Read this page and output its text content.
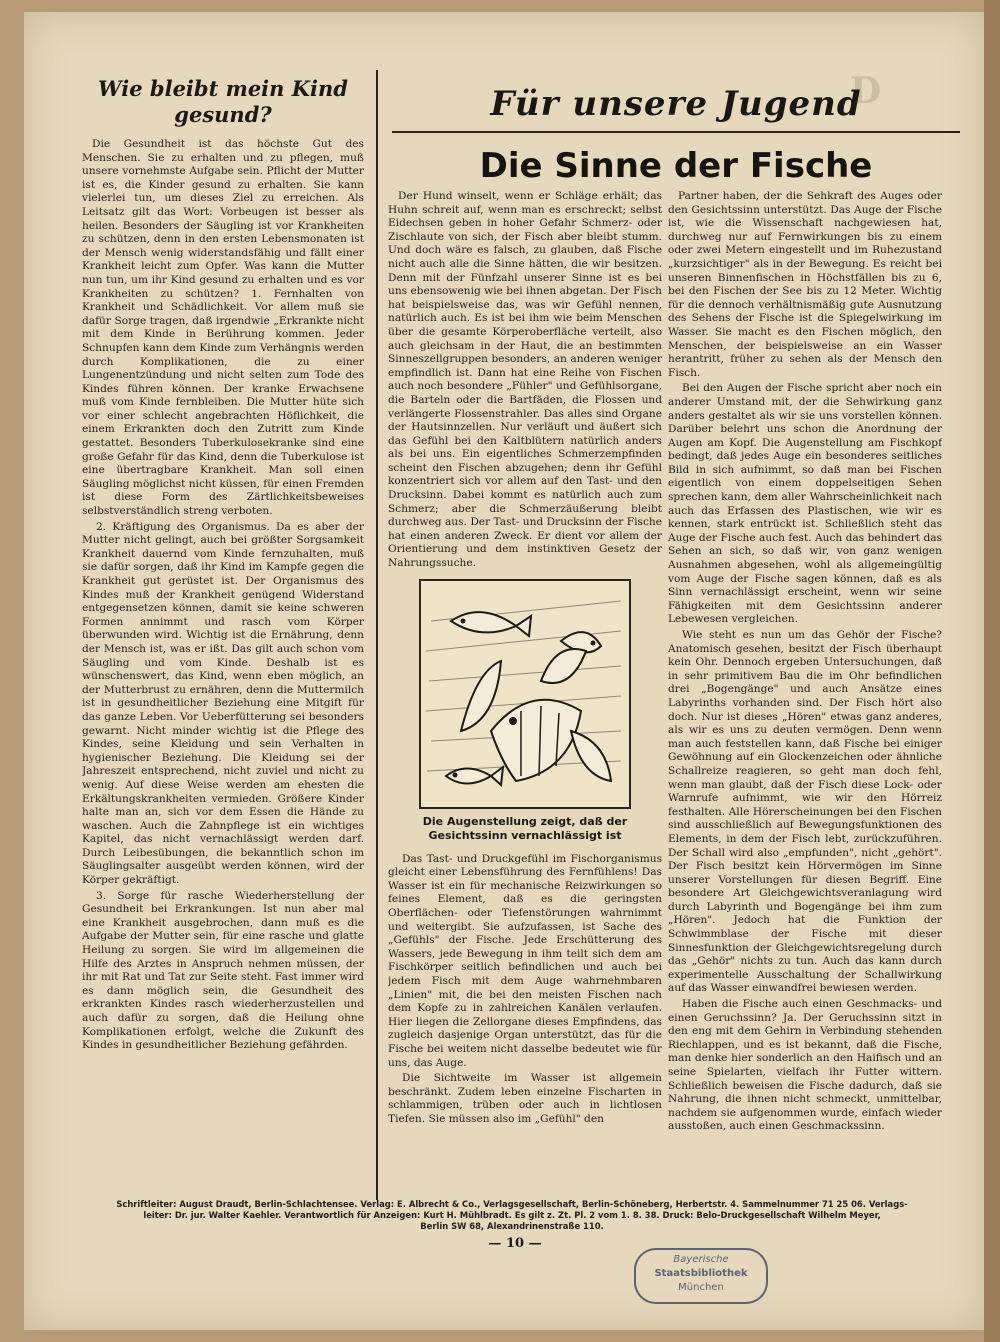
Wie bleibt mein Kind
gesund?

Die Gesundheit ist das höchste Gut des Menschen. Sie zu erhalten und zu pflegen, muß unsere vornehmste Aufgabe sein. Pflicht der Mutter ist es, die Kinder gesund zu erhalten. Sie kann vielerlei tun, um dieses Ziel zu erreichen. Als Leitsatz gilt das Wort: Vorbeugen ist besser als heilen. Besonders der Säugling ist vor Krankheiten zu schützen, denn in den ersten Lebensmonaten ist der Mensch wenig widerstandsfähig und fällt einer Krankheit leicht zum Opfer. Was kann die Mutter nun tun, um ihr Kind gesund zu erhalten und es vor Krankheiten zu schützen? 1. Fernhalten von Krankheit und Schädlichkeit. Vor allem muß sie dafür Sorge tragen, daß irgendwie „Erkrankte nicht mit dem Kinde in Berührung kommen. Jeder Schnupfen kann dem Kinde zum Verhängnis werden durch Komplikationen, die zu einer Lungenentzündung und nicht selten zum Tode des Kindes führen können. Der kranke Erwachsene muß vom Kinde fernbleiben. Die Mutter hüte sich vor einer schlecht angebrachten Höflichkeit, die einem Erkrankten doch den Zutritt zum Kinde gestattet. Besonders Tuberkulosekranke sind eine große Gefahr für das Kind, denn die Tuberkulose ist eine übertragbare Krankheit. Man soll einen Säugling möglichst nicht küssen, für einen Fremden ist diese Form des Zärtlichkeitsbeweises selbstverständlich streng verboten.

2. Kräftigung des Organismus. Da es aber der Mutter nicht gelingt, auch bei größter Sorgsamkeit Krankheit dauernd vom Kinde fernzuhalten, muß sie dafür sorgen, daß ihr Kind im Kampfe gegen die Krankheit gut gerüstet ist. Der Organismus des Kindes muß der Krankheit genügend Widerstand entgegensetzen können, damit sie keine schweren Formen annimmt und rasch vom Körper überwunden wird. Wichtig ist die Ernährung, denn der Mensch ist, was er ißt. Das gilt auch schon vom Säugling und vom Kinde. Deshalb ist es wünschenswert, das Kind, wenn eben möglich, an der Mutterbrust zu ernähren, denn die Muttermilch ist in gesundheitlicher Beziehung eine Mitgift für das ganze Leben. Vor Ueberfütterung sei besonders gewarnt. Nicht minder wichtig ist die Pflege des Kindes, seine Kleidung und sein Verhalten in hygienischer Beziehung. Die Kleidung sei der Jahreszeit entsprechend, nicht zuviel und nicht zu wenig. Auf diese Weise werden am ehesten die Erkältungskrankheiten vermieden. Größere Kinder halte man an, sich vor dem Essen die Hände zu waschen. Auch die Zahnpflege ist ein wichtiges Kapitel, das nicht vernachlässigt werden darf. Durch Leibesübungen, die bekanntlich schon im Säuglingsalter ausgeübt werden können, wird der Körper gekräftigt.

3. Sorge für rasche Wiederherstellung der Gesundheit bei Erkrankungen. Ist nun aber mal eine Krankheit ausgebrochen, dann muß es die Aufgabe der Mutter sein, für eine rasche und glatte Heilung zu sorgen. Sie wird im allgemeinen die Hilfe des Arztes in Anspruch nehmen müssen, der ihr mit Rat und Tat zur Seite steht. Fast immer wird es dann möglich sein, die Gesundheit des erkrankten Kindes rasch wiederherzustellen und auch dafür zu sorgen, daß die Heilung ohne Komplikationen erfolgt, welche die Zukunft des Kindes in gesundheitlicher Beziehung gefährden.

Für unsere Jugend
D
Die Sinne der Fische

Der Hund winselt, wenn er Schläge erhält; das Huhn schreit auf, wenn man es erschreckt; selbst Eidechsen geben in hoher Gefahr Schmerz- oder Zischlaute von sich, der Fisch aber bleibt stumm. Und doch wäre es falsch, zu glauben, daß Fische nicht auch alle die Sinne hätten, die wir besitzen. Denn mit der Fünfzahl unserer Sinne ist es bei uns ebensowenig wie bei ihnen abgetan. Der Fisch hat beispielsweise das, was wir Gefühl nennen, natürlich auch. Es ist bei ihm wie beim Menschen über die gesamte Körperoberfläche verteilt, also auch gleichsam in der Haut, die an bestimmten Sinneszellgruppen besonders, an anderen weniger empfindlich ist. Dann hat eine Reihe von Fischen auch noch besondere „Fühler" und Gefühlsorgane, die Barteln oder die Bartfäden, die Flossen und verlängerte Flossenstrahler. Das alles sind Organe der Hautsinnzellen. Nur verläuft und äußert sich das Gefühl bei den Kaltblütern natürlich anders als bei uns. Ein eigentliches Schmerzempfinden scheint den Fischen abzugehen; denn ihr Gefühl konzentriert sich vor allem auf den Tast- und den Drucksinn. Dabei kommt es natürlich auch zum Schmerz; aber die Schmerzäußerung bleibt durchweg aus. Der Tast- und Drucksinn der Fische hat einen anderen Zweck. Er dient vor allem der Orientierung und dem instinktiven Gesetz der Nahrungssuche.

Die Augenstellung zeigt, daß der Gesichtssinn vernachlässigt ist

Das Tast- und Druckgefühl im Fischorganismus gleicht einer Lebensführung des Fernfühlens! Das Wasser ist ein für mechanische Reizwirkungen so feines Element, daß es die geringsten Oberflächen- oder Tiefenstörungen wahrnimmt und weitergibt. Sie aufzufassen, ist Sache des „Gefühls" der Fische. Jede Erschütterung des Wassers, jede Bewegung in ihm teilt sich dem am Fischkörper seitlich befindlichen und auch bei jedem Fisch mit dem Auge wahrnehmbaren „Linien" mit, die bei den meisten Fischen nach dem Kopfe zu in zahlreichen Kanälen verlaufen. Hier liegen die Zellorgane dieses Empfindens, das zugleich dasjenige Organ unterstützt, das für die Fische bei weitem nicht dasselbe bedeutet wie für uns, das Auge.

Die Sichtweite im Wasser ist allgemein beschränkt. Zudem leben einzelne Fischarten in schlammigen, trüben oder auch in lichtlosen Tiefen. Sie müssen also im „Gefühl" den

Partner haben, der die Sehkraft des Auges oder den Gesichtssinn unterstützt. Das Auge der Fische ist, wie die Wissenschaft nachgewiesen hat, durchweg nur auf Fernwirkungen bis zu einem oder zwei Metern eingestellt und im Ruhezustand „kurzsichtiger" als in der Bewegung. Es reicht bei unseren Binnenfischen in Höchstfällen bis zu 6, bei den Fischen der See bis zu 12 Meter. Wichtig für die dennoch verhältnismäßig gute Ausnutzung des Sehens der Fische ist die Spiegelwirkung im Wasser. Sie macht es den Fischen möglich, den Menschen, der beispielsweise an ein Wasser herantritt, früher zu sehen als der Mensch den Fisch.

Bei den Augen der Fische spricht aber noch ein anderer Umstand mit, der die Sehwirkung ganz anders gestaltet als wir sie uns vorstellen können. Darüber belehrt uns schon die Anordnung der Augen am Kopf. Die Augenstellung am Fischkopf bedingt, daß jedes Auge ein besonderes seitliches Bild in sich aufnimmt, so daß man bei Fischen eigentlich von einem doppelseitigen Sehen sprechen kann, dem aller Wahrscheinlichkeit nach auch das Erfassen des Plastischen, wie wir es kennen, stark entrückt ist. Schließlich steht das Auge der Fische auch fest. Auch das behindert das Sehen an sich, so daß wir, von ganz wenigen Ausnahmen abgesehen, wohl als allgemeingültig vom Auge der Fische sagen können, daß es als Sinn vernachlässigt erscheint, wenn wir seine Fähigkeiten mit dem Gesichtssinn anderer Lebewesen vergleichen.

Wie steht es nun um das Gehör der Fische? Anatomisch gesehen, besitzt der Fisch überhaupt kein Ohr. Dennoch ergeben Untersuchungen, daß in sehr primitivem Bau die im Ohr befindlichen drei „Bogengänge" und auch Ansätze eines Labyrinths vorhanden sind. Der Fisch hört also doch. Nur ist dieses „Hören" etwas ganz anderes, als wir es uns zu deuten vermögen. Denn wenn man auch feststellen kann, daß Fische bei einiger Gewöhnung auf ein Glockenzeichen oder ähnliche Schallreize reagieren, so geht man doch fehl, wenn man glaubt, daß der Fisch diese Lock- oder Warnrufe aufnimmt, wie wir den Hörreiz festhalten. Alle Hörerscheinungen bei den Fischen sind ausschließlich auf Bewegungsfunktionen des Elements, in dem der Fisch lebt, zurückzuführen. Der Schall wird also „empfunden", nicht „gehört". Der Fisch besitzt kein Hörvermögen im Sinne unserer Vorstellungen für diesen Begriff. Eine besondere Art Gleichgewichtsveranlagung wird durch Labyrinth und Bogengänge bei ihm zum „Hören". Jedoch hat die Funktion der Schwimmblase der Fische mit dieser Sinnesfunktion der Gleichgewichtsregelung durch das „Gehör" nichts zu tun. Auch das kann durch experimentelle Ausschaltung der Schallwirkung auf das Wasser einwandfrei bewiesen werden.

Haben die Fische auch einen Geschmacks- und einen Geruchssinn? Ja. Der Geruchssinn sitzt in den eng mit dem Gehirn in Verbindung stehenden Riechlappen, und es ist bekannt, daß die Fische, man denke hier sonderlich an den Haifisch und an seine Spielarten, vielfach ihr Futter wittern. Schließlich beweisen die Fische dadurch, daß sie Nahrung, die ihnen nicht schmeckt, unmittelbar, nachdem sie aufgenommen wurde, einfach wieder ausstoßen, auch einen Geschmackssinn.

Schriftleiter: August Draudt, Berlin-Schlachtensee. Verlag: E. Albrecht & Co., Verlagsgesellschaft, Berlin-Schöneberg, Herbertstr. 4. Sammelnummer 71 25 06. Verlags-
leiter: Dr. jur. Walter Kaehler. Verantwortlich für Anzeigen: Kurt H. Mühlbradt. Es gilt z. Zt. Pl. 2 vom 1. 8. 38. Druck: Belo-Druckgesellschaft Wilhelm Meyer,
Berlin SW 68, Alexandrinenstraße 110.
— 10 —
Bayerische
Staatsbibliothek
München
